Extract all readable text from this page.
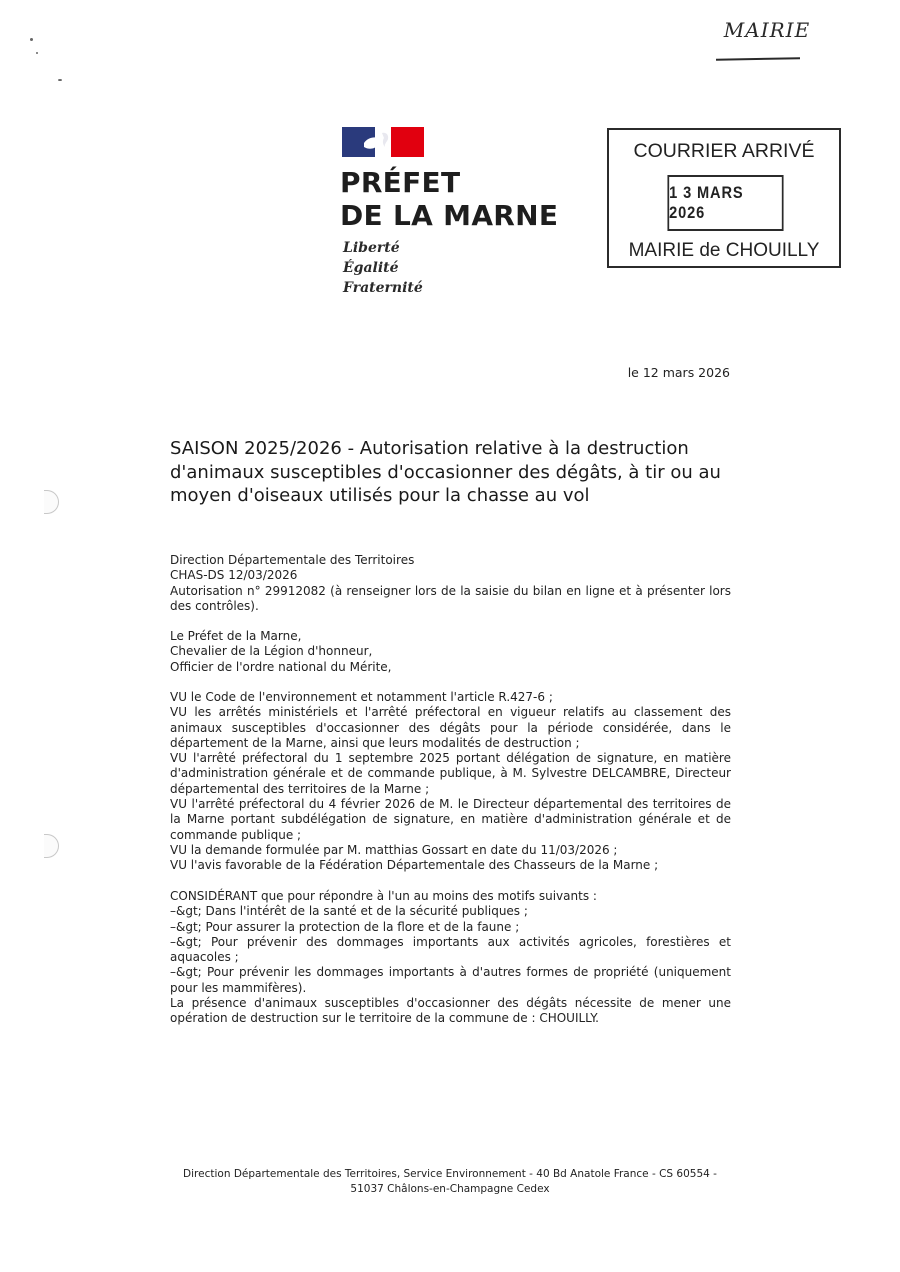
MAIRIE
PRÉFET
DE LA MARNE
Liberté
Égalité
Fraternité
COURRIER ARRIVÉ
1 3 MARS 2026
MAIRIE de CHOUILLY
le 12 mars 2026
SAISON 2025/2026 - Autorisation relative à la destruction d'animaux susceptibles d'occasionner des dégâts, à tir ou au moyen d'oiseaux utilisés pour la chasse au vol

Direction Départementale des Territoires

CHAS-DS 12/03/2026

Autorisation n° 29912082 (à renseigner lors de la saisie du bilan en ligne et à présenter lors des contrôles).

Le Préfet de la Marne,

Chevalier de la Légion d'honneur,

Officier de l'ordre national du Mérite,

VU le Code de l'environnement et notamment l'article R.427-6 ;

VU les arrêtés ministériels et l'arrêté préfectoral en vigueur relatifs au classement des animaux susceptibles d'occasionner des dégâts pour la période considérée, dans le département de la Marne, ainsi que leurs modalités de destruction ;

VU l'arrêté préfectoral du 1 septembre 2025 portant délégation de signature, en matière d'administration générale et de commande publique, à M. Sylvestre DELCAMBRE, Directeur départemental des territoires de la Marne ;

VU l'arrêté préfectoral du 4 février 2026 de M. le Directeur départemental des territoires de la Marne portant subdélégation de signature, en matière d'administration générale et de commande publique ;

VU la demande formulée par M. matthias Gossart en date du 11/03/2026 ;

VU l'avis favorable de la Fédération Départementale des Chasseurs de la Marne ;

CONSIDÉRANT que pour répondre à l'un au moins des motifs suivants :

–&gt; Dans l'intérêt de la santé et de la sécurité publiques ;

–&gt; Pour assurer la protection de la flore et de la faune ;

–&gt; Pour prévenir des dommages importants aux activités agricoles, forestières et aquacoles ;

–&gt; Pour prévenir les dommages importants à d'autres formes de propriété (uniquement pour les mammifères).

La présence d'animaux susceptibles d'occasionner des dégâts nécessite de mener une opération de destruction sur le territoire de la commune de : CHOUILLY.

Direction Départementale des Territoires, Service Environnement - 40 Bd Anatole France - CS 60554 -
51037 Châlons-en-Champagne Cedex
